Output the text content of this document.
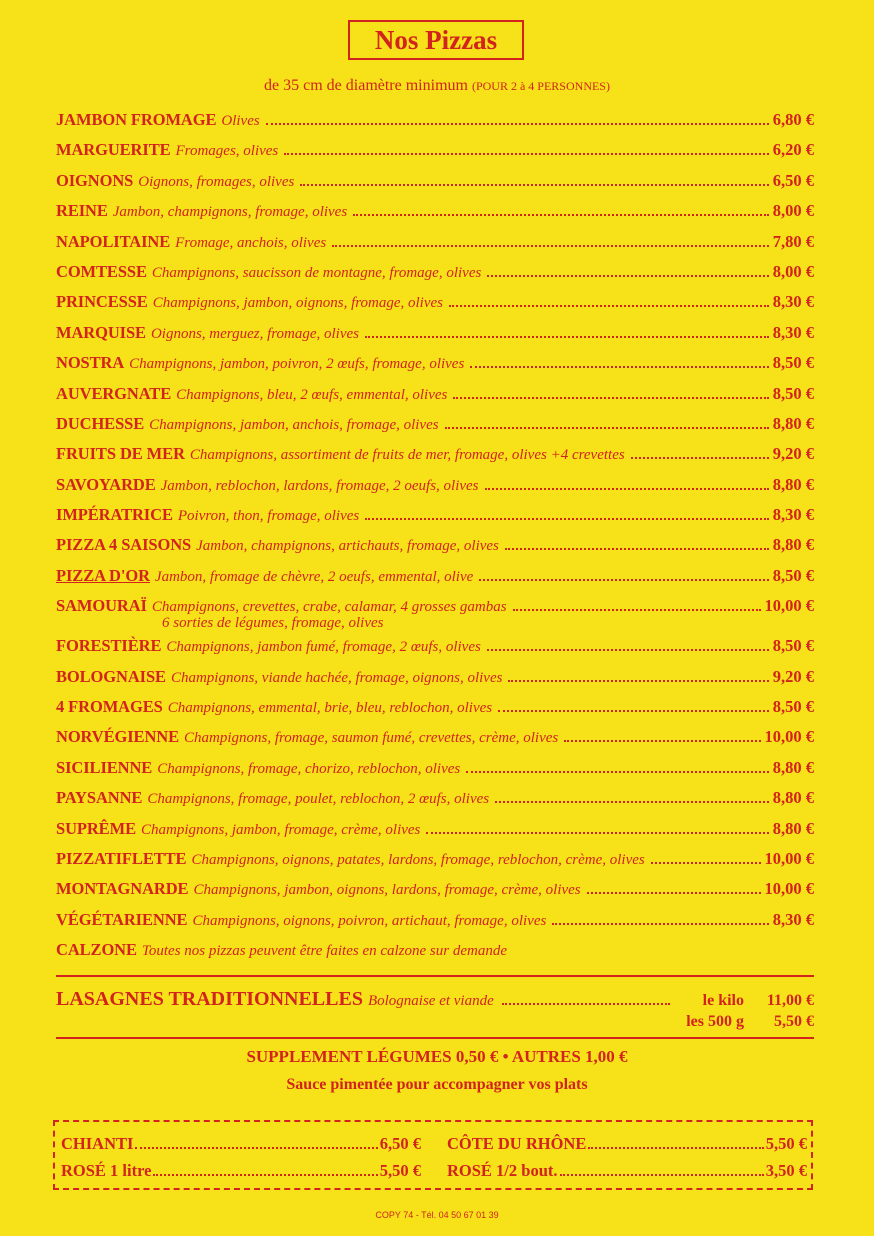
Nos Pizzas
de 35 cm de diamètre minimum (POUR 2 à 4 PERSONNES)
JAMBON FROMAGE Olives	6,80 €
MARGUERITE Fromages, olives	6,20 €
OIGNONS Oignons, fromages, olives	6,50 €
REINE Jambon, champignons, fromage, olives	8,00 €
NAPOLITAINE Fromage, anchois, olives	7,80 €
COMTESSE Champignons, saucisson de montagne, fromage, olives	8,00 €
PRINCESSE Champignons, jambon, oignons, fromage, olives	8,30 €
MARQUISE Oignons, merguez, fromage, olives	8,30 €
NOSTRA Champignons, jambon, poivron, 2 œufs, fromage, olives	8,50 €
AUVERGNATE Champignons, bleu, 2 œufs, emmental, olives	8,50 €
DUCHESSE Champignons, jambon, anchois, fromage, olives	8,80 €
FRUITS DE MER Champignons, assortiment de fruits de mer, fromage, olives +4 crevettes	9,20 €
SAVOYARDE Jambon, reblochon, lardons, fromage, 2 oeufs, olives	8,80 €
IMPÉRATRICE Poivron, thon, fromage, olives	8,30 €
PIZZA 4 SAISONS Jambon, champignons, artichauts, fromage, olives	8,80 €
PIZZA D'OR Jambon, fromage de chèvre, 2 oeufs, emmental, olive	8,50 €
SAMOURAÏ Champignons, crevettes, crabe, calamar, 4 grosses gambas	10,00 €
6 sorties de légumes, fromage, olives
FORESTIÈRE Champignons, jambon fumé, fromage, 2 œufs, olives	8,50 €
BOLOGNAISE Champignons, viande hachée, fromage, oignons, olives	9,20 €
4 FROMAGES Champignons, emmental, brie, bleu, reblochon, olives	8,50 €
NORVÉGIENNE Champignons, fromage, saumon fumé, crevettes, crème, olives	10,00 €
SICILIENNE Champignons, fromage, chorizo, reblochon, olives	8,80 €
PAYSANNE Champignons, fromage, poulet, reblochon, 2 œufs, olives	8,80 €
SUPRÊME Champignons, jambon, fromage, crème, olives	8,80 €
PIZZATIFLETTE Champignons, oignons, patates, lardons, fromage, reblochon, crème, olives	10,00 €
MONTAGNARDE Champignons, jambon, oignons, lardons, fromage, crème, olives	10,00 €
VÉGÉTARIENNE Champignons, oignons, poivron, artichaut, fromage, olives	8,30 €
CALZONE Toutes nos pizzas peuvent être faites en calzone sur demande
LASAGNES TRADITIONNELLES Bolognaise et viande	le kilo	11,00 €
les 500 g	5,50 €
SUPPLEMENT LÉGUMES 0,50 € • AUTRES 1,00 €
Sauce pimentée pour accompagner vos plats
CHIANTI	6,50 €
ROSÉ 1 litre	5,50 €
CÔTE DU RHÔNE	5,50 €
ROSÉ 1/2 bout.	3,50 €
COPY 74 - Tél. 04 50 67 01 39
